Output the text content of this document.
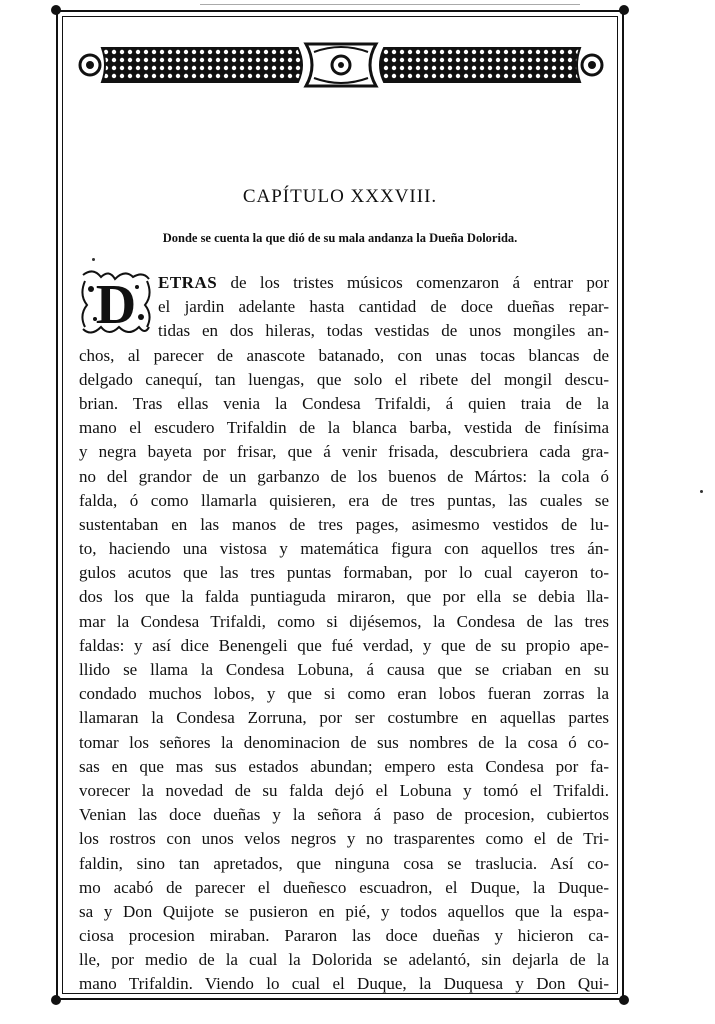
CAPÍTULO XXXVIII.
Donde se cuenta la que dió de su mala andanza la Dueña Dolorida.
D ETRAS de los tristes músicos comenzaron á entrar por
el jardin adelante hasta cantidad de doce dueñas repar-
tidas en dos hileras, todas vestidas de unos mongiles an-
chos, al parecer de anascote batanado, con unas tocas blancas de
delgado canequí, tan luengas, que solo el ribete del mongil descu-
brian. Tras ellas venia la Condesa Trifaldi, á quien traia de la
mano el escudero Trifaldin de la blanca barba, vestida de finísima
y negra bayeta por frisar, que á venir frisada, descubriera cada gra-
no del grandor de un garbanzo de los buenos de Mártos: la cola ó
falda, ó como llamarla quisieren, era de tres puntas, las cuales se
sustentaban en las manos de tres pages, asimesmo vestidos de lu-
to, haciendo una vistosa y matemática figura con aquellos tres án-
gulos acutos que las tres puntas formaban, por lo cual cayeron to-
dos los que la falda puntiaguda miraron, que por ella se debia lla-
mar la Condesa Trifaldi, como si dijésemos, la Condesa de las tres
faldas: y así dice Benengeli que fué verdad, y que de su propio ape-
llido se llama la Condesa Lobuna, á causa que se criaban en su
condado muchos lobos, y que si como eran lobos fueran zorras la
llamaran la Condesa Zorruna, por ser costumbre en aquellas partes
tomar los señores la denominacion de sus nombres de la cosa ó co-
sas en que mas sus estados abundan; empero esta Condesa por fa-
vorecer la novedad de su falda dejó el Lobuna y tomó el Trifaldi.
Venian las doce dueñas y la señora á paso de procesion, cubiertos
los rostros con unos velos negros y no trasparentes como el de Tri-
faldin, sino tan apretados, que ninguna cosa se traslucia. Así co-
mo acabó de parecer el dueñesco escuadron, el Duque, la Duque-
sa y Don Quijote se pusieron en pié, y todos aquellos que la espa-
ciosa procesion miraban. Pararon las doce dueñas y hicieron ca-
lle, por medio de la cual la Dolorida se adelantó, sin dejarla de la
mano Trifaldin. Viendo lo cual el Duque, la Duquesa y Don Qui-
